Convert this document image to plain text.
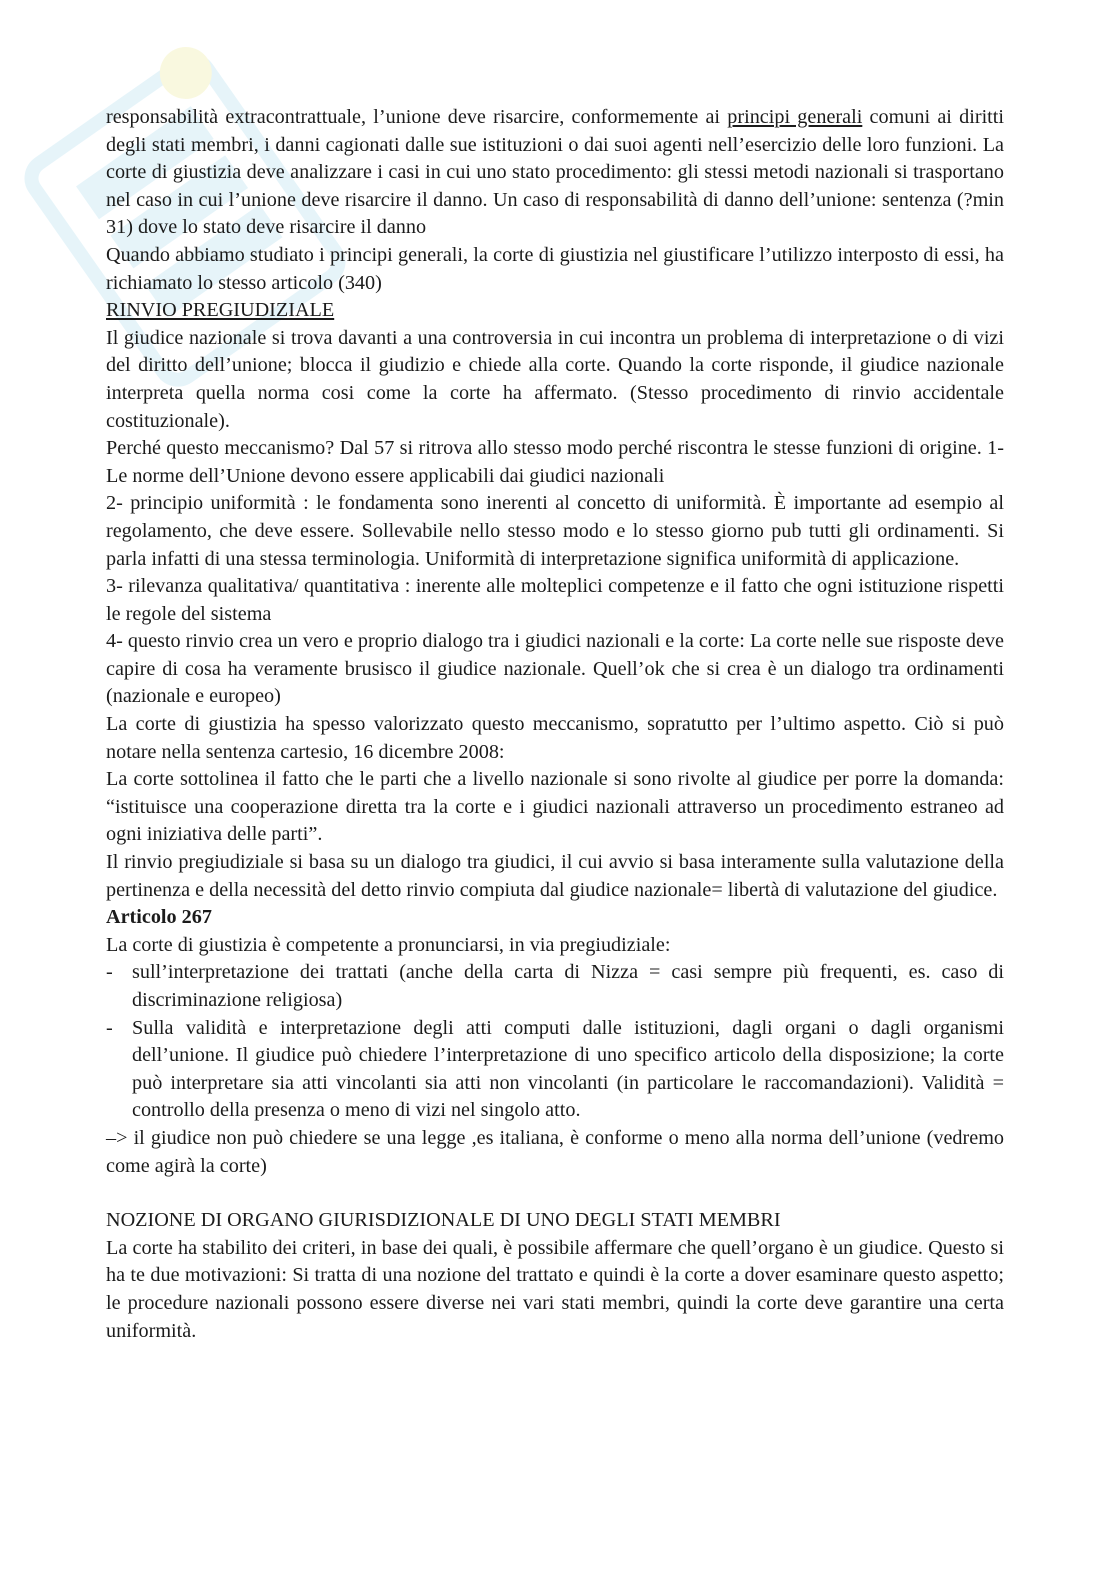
responsabilità extracontrattuale, l’unione deve risarcire, conformemente ai principi generali comuni ai diritti degli stati membri, i danni cagionati dalle sue istituzioni o dai suoi agenti nell’esercizio delle loro funzioni. La corte di giustizia deve analizzare i casi in cui uno stato procedimento: gli stessi metodi nazionali si trasportano nel caso in cui l’unione deve risarcire il danno. Un caso di responsabilità di danno dell’unione: sentenza (?min 31) dove lo stato deve risarcire il danno

Quando abbiamo studiato i principi generali, la corte di giustizia nel giustificare l’utilizzo interposto di essi, ha richiamato lo stesso articolo (340)

RINVIO PREGIUDIZIALE

Il giudice nazionale si trova davanti a una controversia in cui incontra un problema di interpretazione o di vizi del diritto dell’unione; blocca il giudizio e chiede alla corte. Quando la corte risponde, il giudice nazionale interpreta quella norma cosi come la corte ha affermato. (Stesso procedimento di rinvio accidentale costituzionale).

Perché questo meccanismo? Dal 57 si ritrova allo stesso modo perché riscontra le stesse funzioni di origine. 1- Le norme dell’Unione devono essere applicabili dai giudici nazionali

2- principio uniformità : le fondamenta sono inerenti al concetto di uniformità. È importante ad esempio al regolamento, che deve essere. Sollevabile nello stesso modo e lo stesso giorno pub tutti gli ordinamenti. Si parla infatti di una stessa terminologia. Uniformità di interpretazione significa uniformità di applicazione.

3- rilevanza qualitativa/ quantitativa : inerente alle molteplici competenze e il fatto che ogni istituzione rispetti le regole del sistema

4- questo rinvio crea un vero e proprio dialogo tra i giudici nazionali e la corte: La corte nelle sue risposte deve capire di cosa ha veramente brusisco il giudice nazionale. Quell’ok che si crea è un dialogo tra ordinamenti (nazionale e europeo)

La corte di giustizia ha spesso valorizzato questo meccanismo, sopratutto per l’ultimo aspetto. Ciò si può notare nella sentenza cartesio, 16 dicembre 2008:

La corte sottolinea il fatto che le parti che a livello nazionale si sono rivolte al giudice per porre la domanda: “istituisce una cooperazione diretta tra la corte e i giudici nazionali attraverso un procedimento estraneo ad ogni iniziativa delle parti”.

Il rinvio pregiudiziale si basa su un dialogo tra giudici, il cui avvio si basa interamente sulla valutazione della pertinenza e della necessità del detto rinvio compiuta dal giudice nazionale= libertà di valutazione del giudice.

Articolo 267

La corte di giustizia è competente a pronunciarsi, in via pregiudiziale:

- sull’interpretazione dei trattati (anche della carta di Nizza = casi sempre più frequenti, es. caso di discriminazione religiosa)
- Sulla validità e interpretazione degli atti computi dalle istituzioni, dagli organi o dagli organismi dell’unione. Il giudice può chiedere l’interpretazione di uno specifico articolo della disposizione; la corte può interpretare sia atti vincolanti sia atti non vincolanti (in particolare le raccomandazioni). Validità = controllo della presenza o meno di vizi nel singolo atto.

–> il giudice non può chiedere se una legge ,es italiana, è conforme o meno alla norma dell’unione (vedremo come agirà la corte)

NOZIONE DI ORGANO GIURISDIZIONALE DI UNO DEGLI STATI MEMBRI

La corte ha stabilito dei criteri, in base dei quali, è possibile affermare che quell’organo è un giudice. Questo si ha te due motivazioni: Si tratta di una nozione del trattato e quindi è la corte a dover esaminare questo aspetto; le procedure nazionali possono essere diverse nei vari stati membri, quindi la corte deve garantire una certa uniformità.
